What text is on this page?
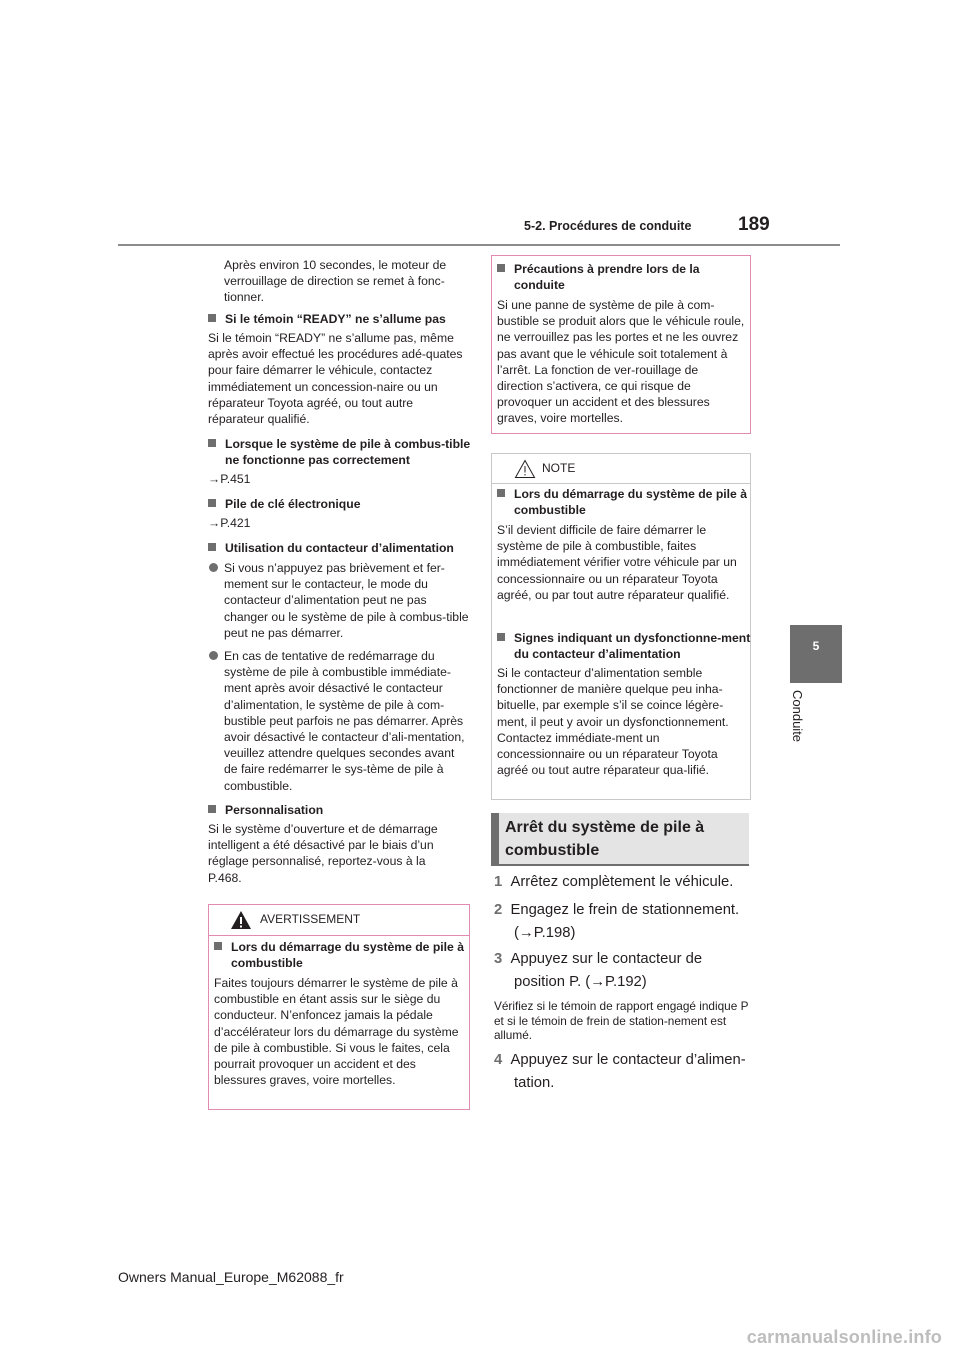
5-2. Procédures de conduite 189
5
Conduite
Après environ 10 secondes, le moteur de verrouillage de direction se remet à fonc-tionner.
Si le témoin “READY” ne s’allume pas
Si le témoin “READY” ne s’allume pas, même après avoir effectué les procédures adé-quates pour faire démarrer le véhicule, contactez immédiatement un concession-naire ou un réparateur Toyota agréé, ou tout autre réparateur qualifié.
Lorsque le système de pile à combus-tible ne fonctionne pas correctement
→P.451
Pile de clé électronique
→P.421
Utilisation du contacteur d’alimentation
Si vous n’appuyez pas brièvement et fer-mement sur le contacteur, le mode du contacteur d’alimentation peut ne pas changer ou le système de pile à combus-tible peut ne pas démarrer.
En cas de tentative de redémarrage du système de pile à combustible immédiate-ment après avoir désactivé le contacteur d’alimentation, le système de pile à com-bustible peut parfois ne pas démarrer. Après avoir désactivé le contacteur d’ali-mentation, veuillez attendre quelques secondes avant de faire redémarrer le sys-tème de pile à combustible.
Personnalisation
Si le système d’ouverture et de démarrage intelligent a été désactivé par le biais d’un réglage personnalisé, reportez-vous à la P.468.
AVERTISSEMENT
Lors du démarrage du système de pile à combustible
Faites toujours démarrer le système de pile à combustible en étant assis sur le siège du conducteur. N’enfoncez jamais la pédale d’accélérateur lors du démarrage du système de pile à combustible. Si vous le faites, cela pourrait provoquer un accident et des blessures graves, voire mortelles.
Précautions à prendre lors de la conduite
Si une panne de système de pile à com-bustible se produit alors que le véhicule roule, ne verrouillez pas les portes et ne les ouvrez pas avant que le véhicule soit totalement à l’arrêt. La fonction de ver-rouillage de direction s’activera, ce qui risque de provoquer un accident et des blessures graves, voire mortelles.
NOTE
Lors du démarrage du système de pile à combustible
S’il devient difficile de faire démarrer le système de pile à combustible, faites immédiatement vérifier votre véhicule par un concessionnaire ou un réparateur Toyota agréé, ou par tout autre réparateur qualifié.
Signes indiquant un dysfonctionne-ment du contacteur d’alimentation
Si le contacteur d’alimentation semble fonctionner de manière quelque peu inha-bituelle, par exemple s’il se coince légère-ment, il peut y avoir un dysfonctionnement. Contactez immédiate-ment un concessionnaire ou un réparateur Toyota agréé ou tout autre réparateur qua-lifié.
Arrêt du système de pile à combustible
1 Arrêtez complètement le véhicule.
2 Engagez le frein de stationnement.
(→P.198)
3 Appuyez sur le contacteur de
position P. (→P.192)
Vérifiez si le témoin de rapport engagé indique P et si le témoin de frein de station-nement est allumé.
4 Appuyez sur le contacteur d’alimen-
tation.
Owners Manual_Europe_M62088_fr
carmanualsonline.info
